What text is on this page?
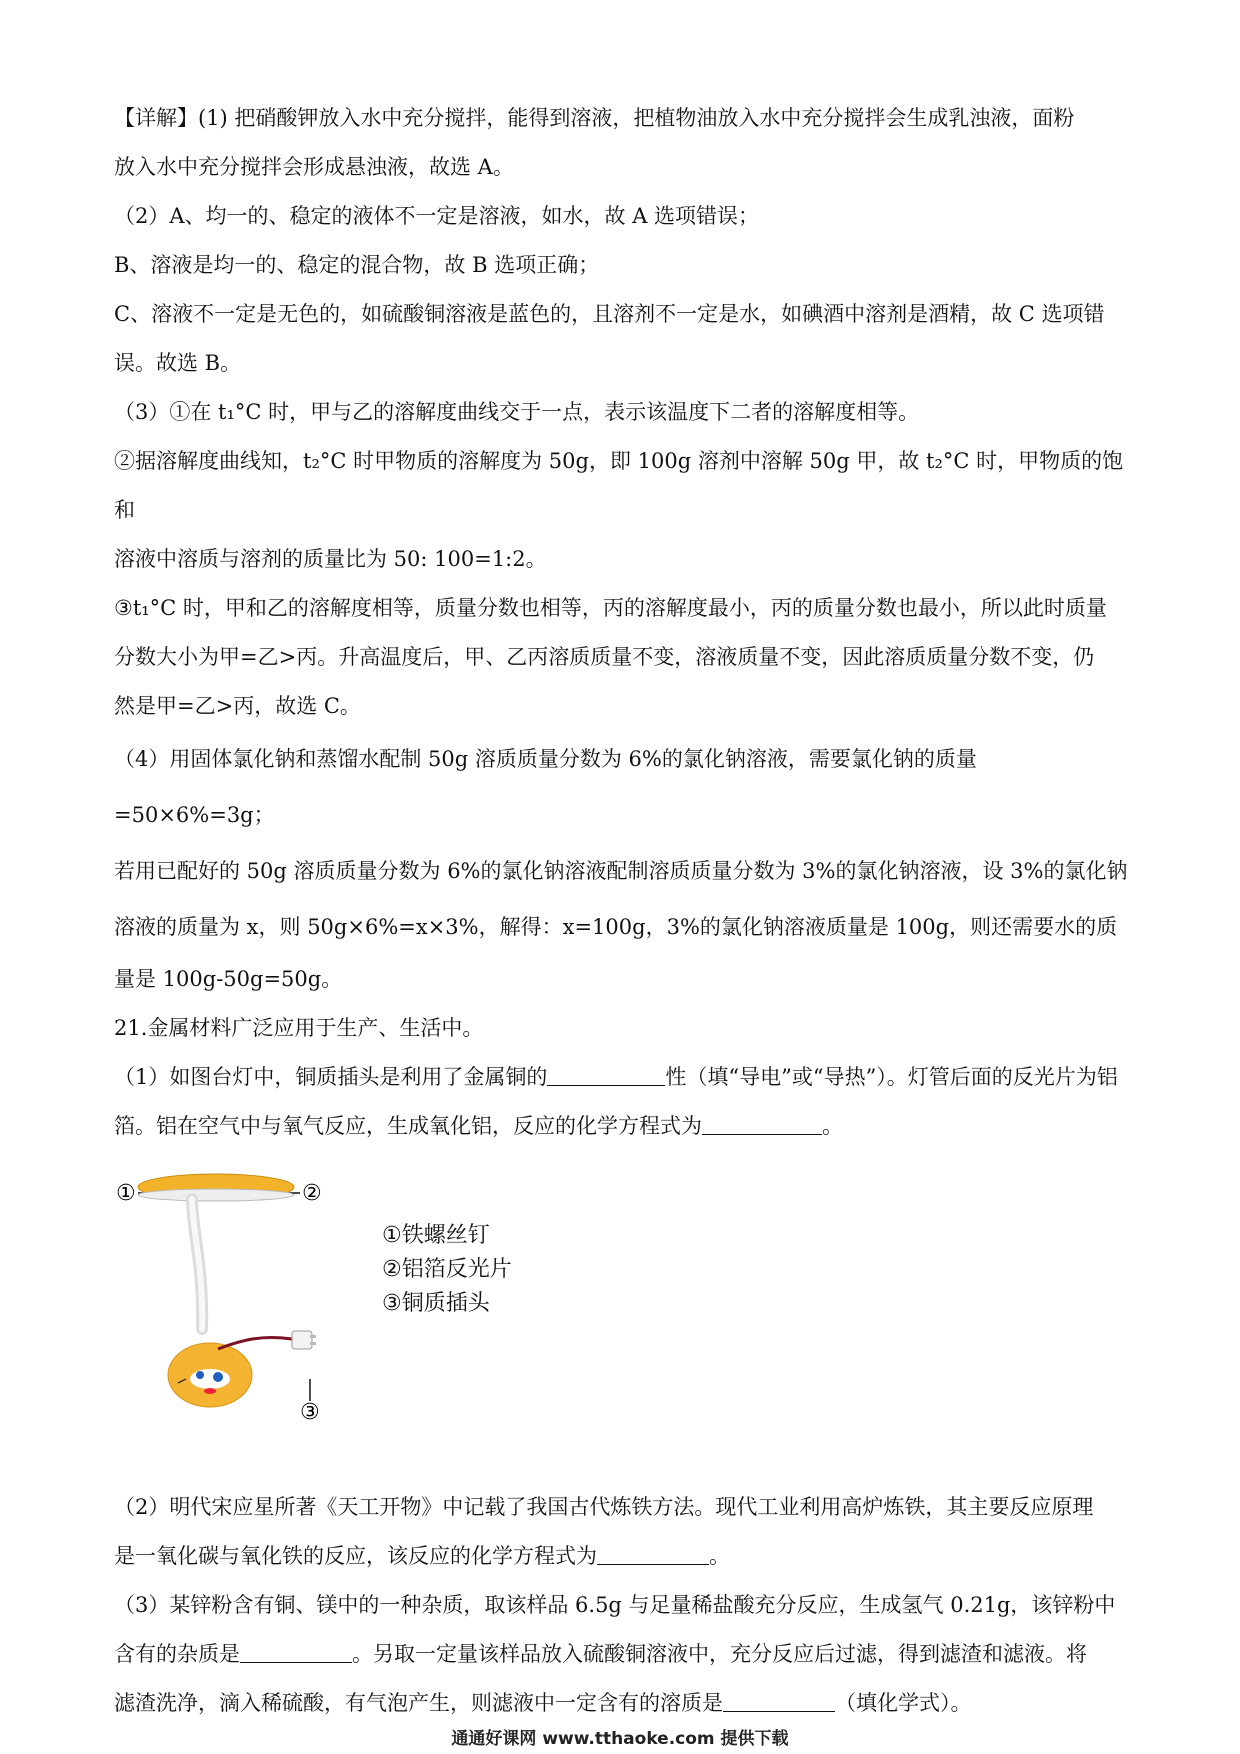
【详解】(1) 把硝酸钾放入水中充分搅拌，能得到溶液，把植物油放入水中充分搅拌会生成乳浊液，面粉

放入水中充分搅拌会形成悬浊液，故选 A。

（2）A、均一的、稳定的液体不一定是溶液，如水，故 A 选项错误；

B、溶液是均一的、稳定的混合物，故 B 选项正确；

C、溶液不一定是无色的，如硫酸铜溶液是蓝色的，且溶剂不一定是水，如碘酒中溶剂是酒精，故 C 选项错

误。故选 B。

（3）①在 t₁°C 时，甲与乙的溶解度曲线交于一点，表示该温度下二者的溶解度相等。

②据溶解度曲线知，t₂°C 时甲物质的溶解度为 50g，即 100g 溶剂中溶解 50g 甲，故 t₂°C 时，甲物质的饱和

溶液中溶质与溶剂的质量比为 50: 100=1:2。

③t₁°C 时，甲和乙的溶解度相等，质量分数也相等，丙的溶解度最小，丙的质量分数也最小，所以此时质量

分数大小为甲=乙>丙。升高温度后，甲、乙丙溶质质量不变，溶液质量不变，因此溶质质量分数不变，仍

然是甲=乙>丙，故选 C。

（4）用固体氯化钠和蒸馏水配制 50g 溶质质量分数为 6%的氯化钠溶液，需要氯化钠的质量 =50×6%=3g；

若用已配好的 50g 溶质质量分数为 6%的氯化钠溶液配制溶质质量分数为 3%的氯化钠溶液，设 3%的氯化钠

溶液的质量为 x，则 50g×6%=x×3%，解得：x=100g，3%的氯化钠溶液质量是 100g，则还需要水的质

量是 100g-50g=50g。

21.金属材料广泛应用于生产、生活中。

（1）如图台灯中，铜质插头是利用了金属铜的	性（填“导电”或“导热”）。灯管后面的反光片为铝

箔。铝在空气中与氧气反应，生成氧化铝，反应的化学方程式为	。

①	②
③
①铁螺丝钉
②铝箔反光片
③铜质插头

（2）明代宋应星所著《天工开物》中记载了我国古代炼铁方法。现代工业利用高炉炼铁，其主要反应原理

是一氧化碳与氧化铁的反应，该反应的化学方程式为	。

（3）某锌粉含有铜、镁中的一种杂质，取该样品 6.5g 与足量稀盐酸充分反应，生成氢气 0.21g，该锌粉中

含有的杂质是	。另取一定量该样品放入硫酸铜溶液中，充分反应后过滤，得到滤渣和滤液。将

滤渣洗净，滴入稀硫酸，有气泡产生，则滤液中一定含有的溶质是	（填化学式）。

通通好课网 www.tthaoke.com 提供下载
